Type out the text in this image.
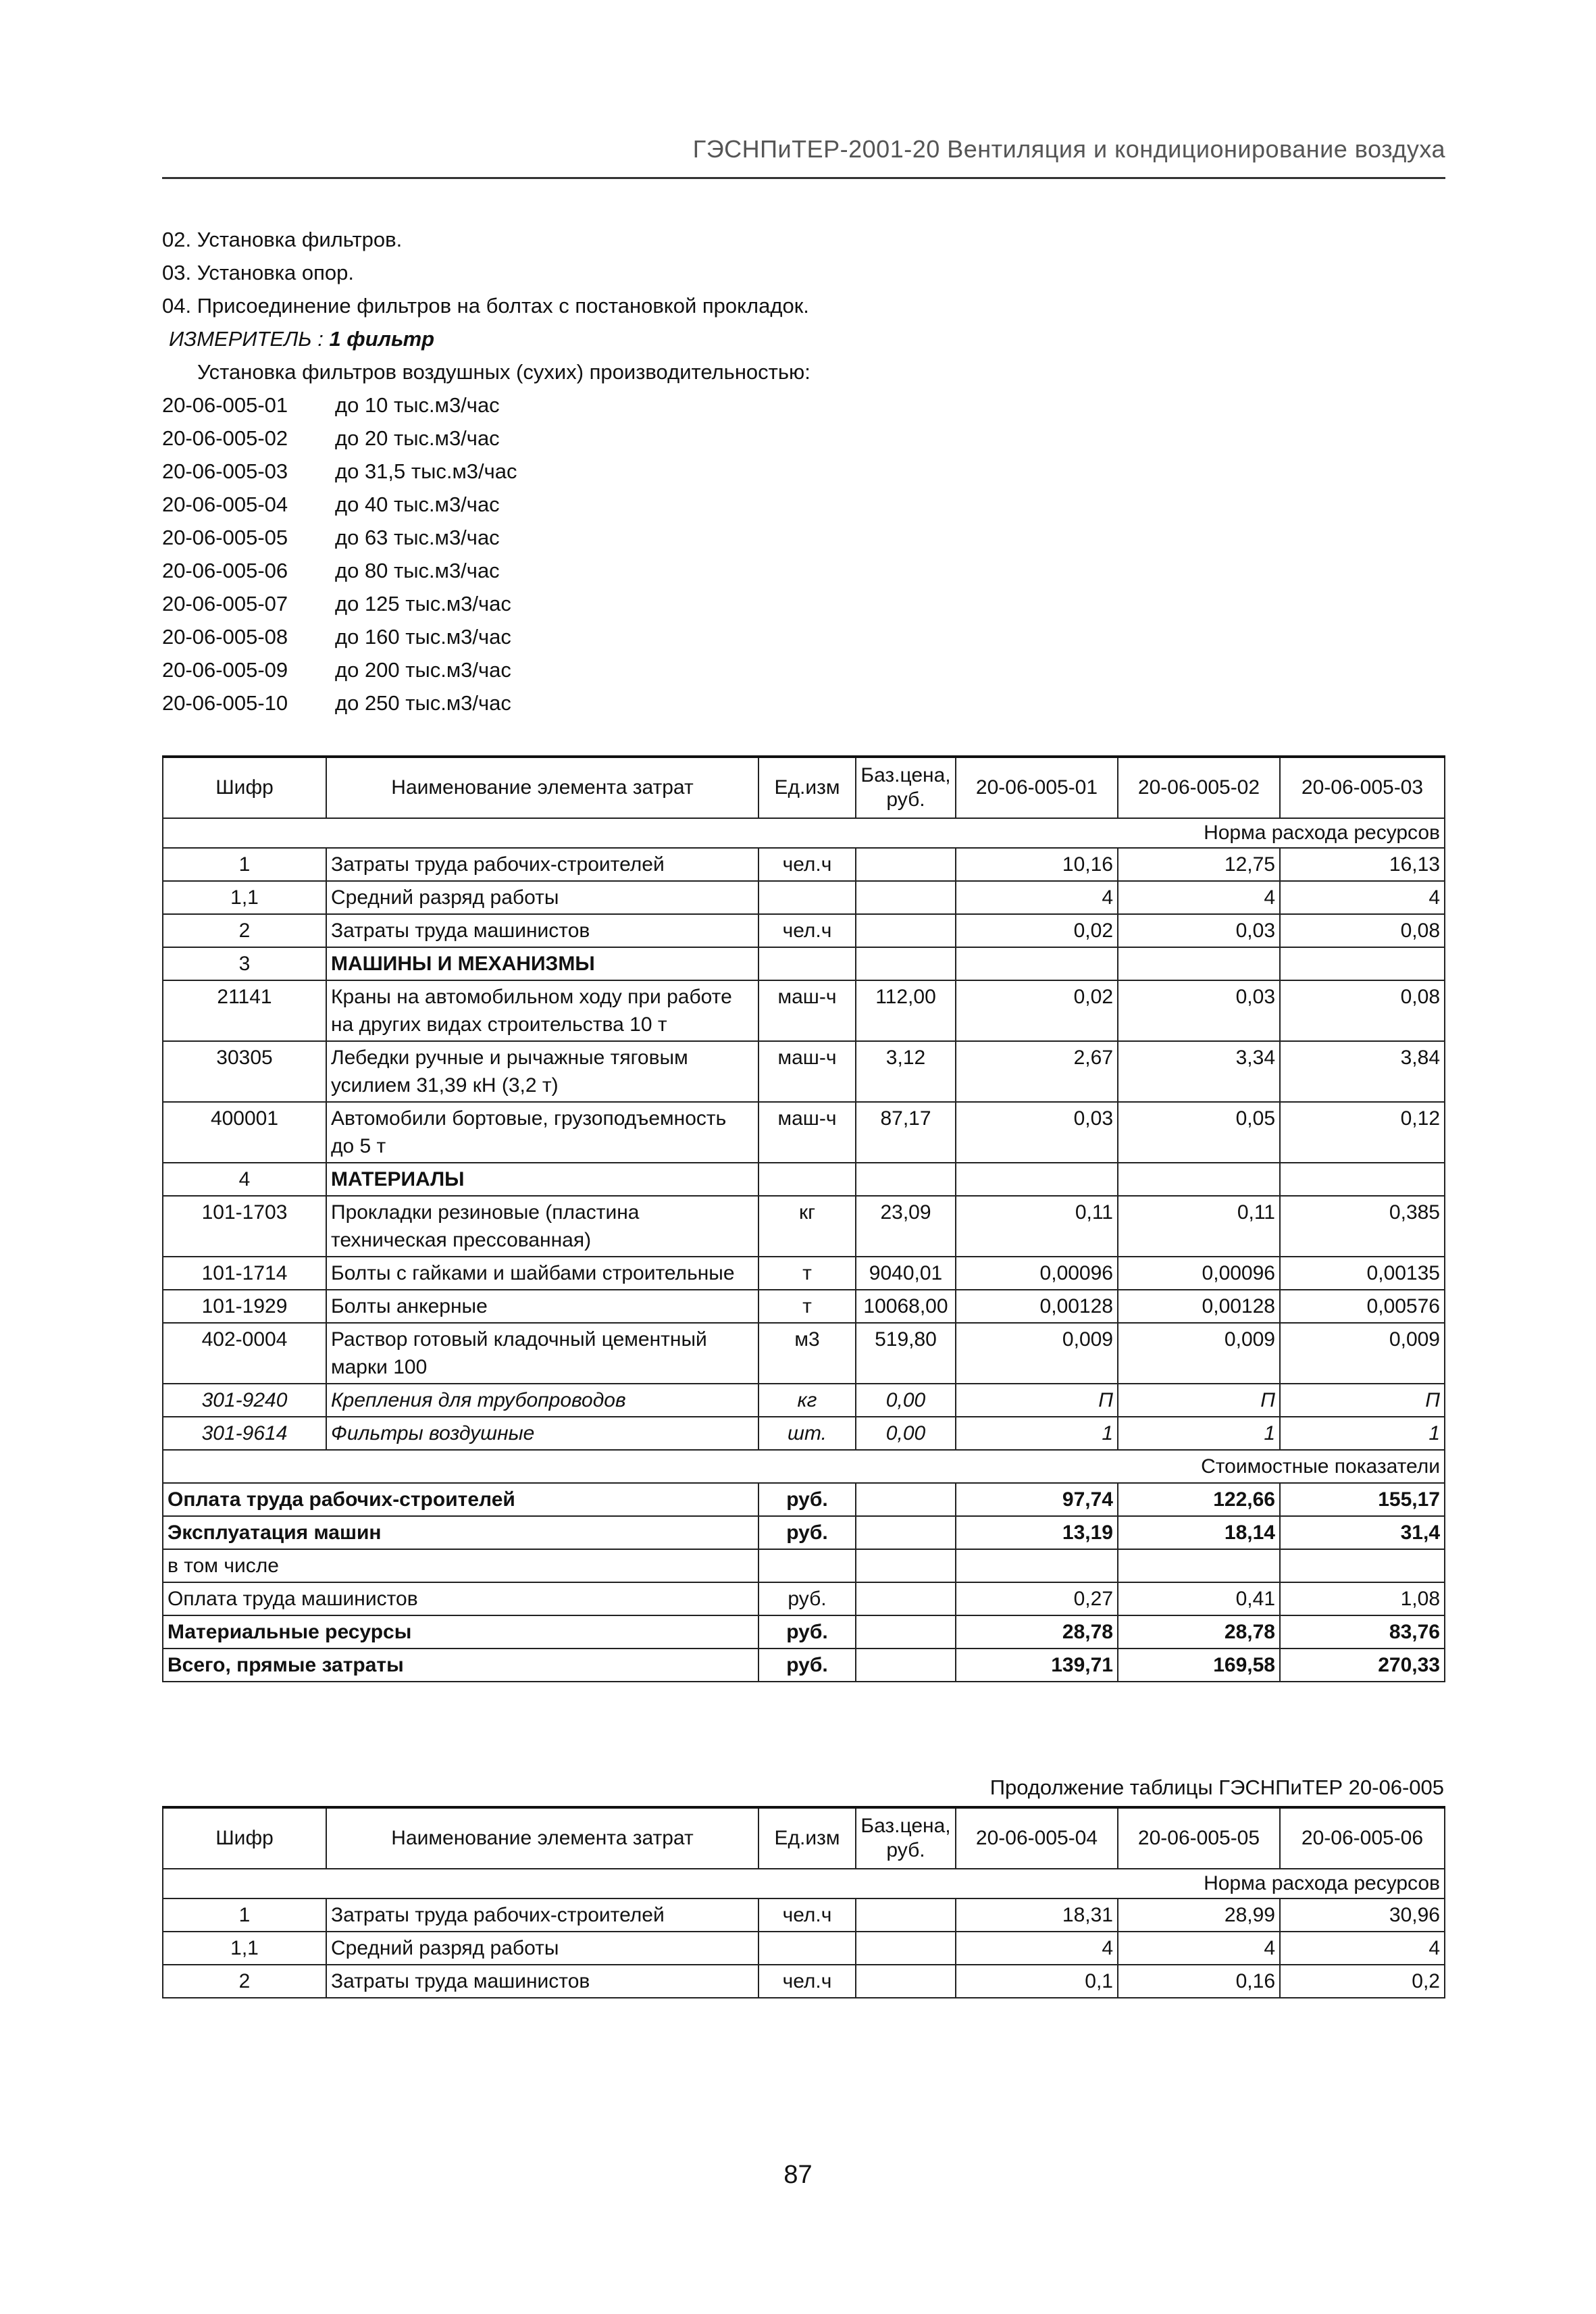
ГЭСНПиТЕР-2001-20 Вентиляция и кондиционирование воздуха
02. Установка фильтров.
03. Установка опор.
04. Присоединение фильтров на болтах с постановкой прокладок.
ИЗМЕРИТЕЛЬ : 1 фильтр
Установка фильтров воздушных (сухих) производительностью:
20-06-005-01	до 10 тыс.м3/час
20-06-005-02	до 20 тыс.м3/час
20-06-005-03	до 31,5 тыс.м3/час
20-06-005-04	до 40 тыс.м3/час
20-06-005-05	до 63 тыс.м3/час
20-06-005-06	до 80 тыс.м3/час
20-06-005-07	до 125 тыс.м3/час
20-06-005-08	до 160 тыс.м3/час
20-06-005-09	до 200 тыс.м3/час
20-06-005-10	до 250 тыс.м3/час
Шифр	Наименование элемента затрат	Ед.изм	Баз.цена, руб.	20-06-005-01	20-06-005-02	20-06-005-03
Норма расхода ресурсов						
1	Затраты труда рабочих-строителей	чел.ч		10,16	12,75	16,13
1,1	Средний разряд работы			4	4	4
2	Затраты труда машинистов	чел.ч		0,02	0,03	0,08
3	МАШИНЫ И МЕХАНИЗМЫ					
21141	Краны на автомобильном ходу при работе на других видах строительства 10 т	маш-ч	112,00	0,02	0,03	0,08
30305	Лебедки ручные и рычажные тяговым усилием 31,39 кН (3,2 т)	маш-ч	3,12	2,67	3,34	3,84
400001	Автомобили бортовые, грузоподъемность до 5 т	маш-ч	87,17	0,03	0,05	0,12
4	МАТЕРИАЛЫ					
101-1703	Прокладки резиновые (пластина техническая прессованная)	кг	23,09	0,11	0,11	0,385
101-1714	Болты с гайками и шайбами строительные	т	9040,01	0,00096	0,00096	0,00135
101-1929	Болты анкерные	т	10068,00	0,00128	0,00128	0,00576
402-0004	Раствор готовый кладочный цементный марки 100	м3	519,80	0,009	0,009	0,009
301-9240	Крепления для трубопроводов	кг	0,00	П	П	П
301-9614	Фильтры воздушные	шт.	0,00	1	1	1
Стоимостные показатели						
Оплата труда рабочих-строителей		руб.		97,74	122,66	155,17
Эксплуатация машин		руб.		13,19	18,14	31,4
в том числе						
Оплата труда машинистов		руб.		0,27	0,41	1,08
Материальные ресурсы		руб.		28,78	28,78	83,76
Всего, прямые затраты		руб.		139,71	169,58	270,33
Продолжение таблицы ГЭСНПиТЕР 20-06-005
Шифр	Наименование элемента затрат	Ед.изм	Баз.цена, руб.	20-06-005-04	20-06-005-05	20-06-005-06
Норма расхода ресурсов						
1	Затраты труда рабочих-строителей	чел.ч		18,31	28,99	30,96
1,1	Средний разряд работы			4	4	4
2	Затраты труда машинистов	чел.ч		0,1	0,16	0,2
87
